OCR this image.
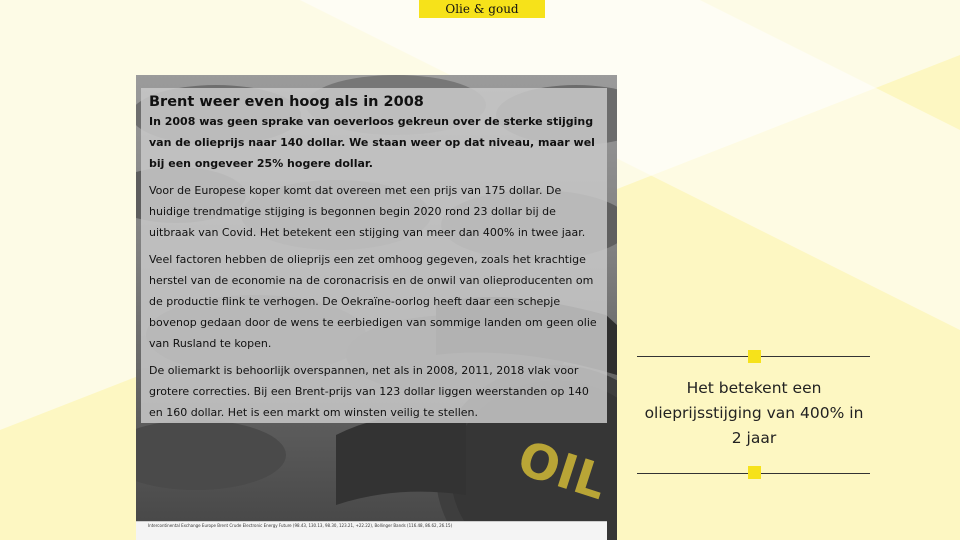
Olie & goud
OIL
Brent weer even hoog als in 2008

In 2008 was geen sprake van oeverloos gekreun over de sterke stijging van de olieprijs naar 140 dollar. We staan weer op dat niveau, maar wel bij een ongeveer 25% hogere dollar.

Voor de Europese koper komt dat overeen met een prijs van 175 dollar. De huidige trendmatige stijging is begonnen begin 2020 rond 23 dollar bij de uitbraak van Covid. Het betekent een stijging van meer dan 400% in twee jaar.

Veel factoren hebben de olieprijs een zet omhoog gegeven, zoals het krachtige herstel van de economie na de coronacrisis en de onwil van olieproducenten om de productie flink te verhogen. De Oekraïne-oorlog heeft daar een schepje bovenop gedaan door de wens te eerbiedigen van sommige landen om geen olie van Rusland te kopen.

De oliemarkt is behoorlijk overspannen, net als in 2008, 2011, 2018 vlak voor grotere correcties. Bij een Brent-prijs van 123 dollar liggen weerstanden op 140 en 160 dollar. Het is een markt om winsten veilig te stellen.

Intercontinental Exchange Europe Brent Crude Electronic Energy Future (98.43, 130.13, 98.30, 123.21, +22.22), Bollinger Bands (116.48, 86.62, 26.15)
Het betekent een olieprijsstijging van 400% in 2 jaar
